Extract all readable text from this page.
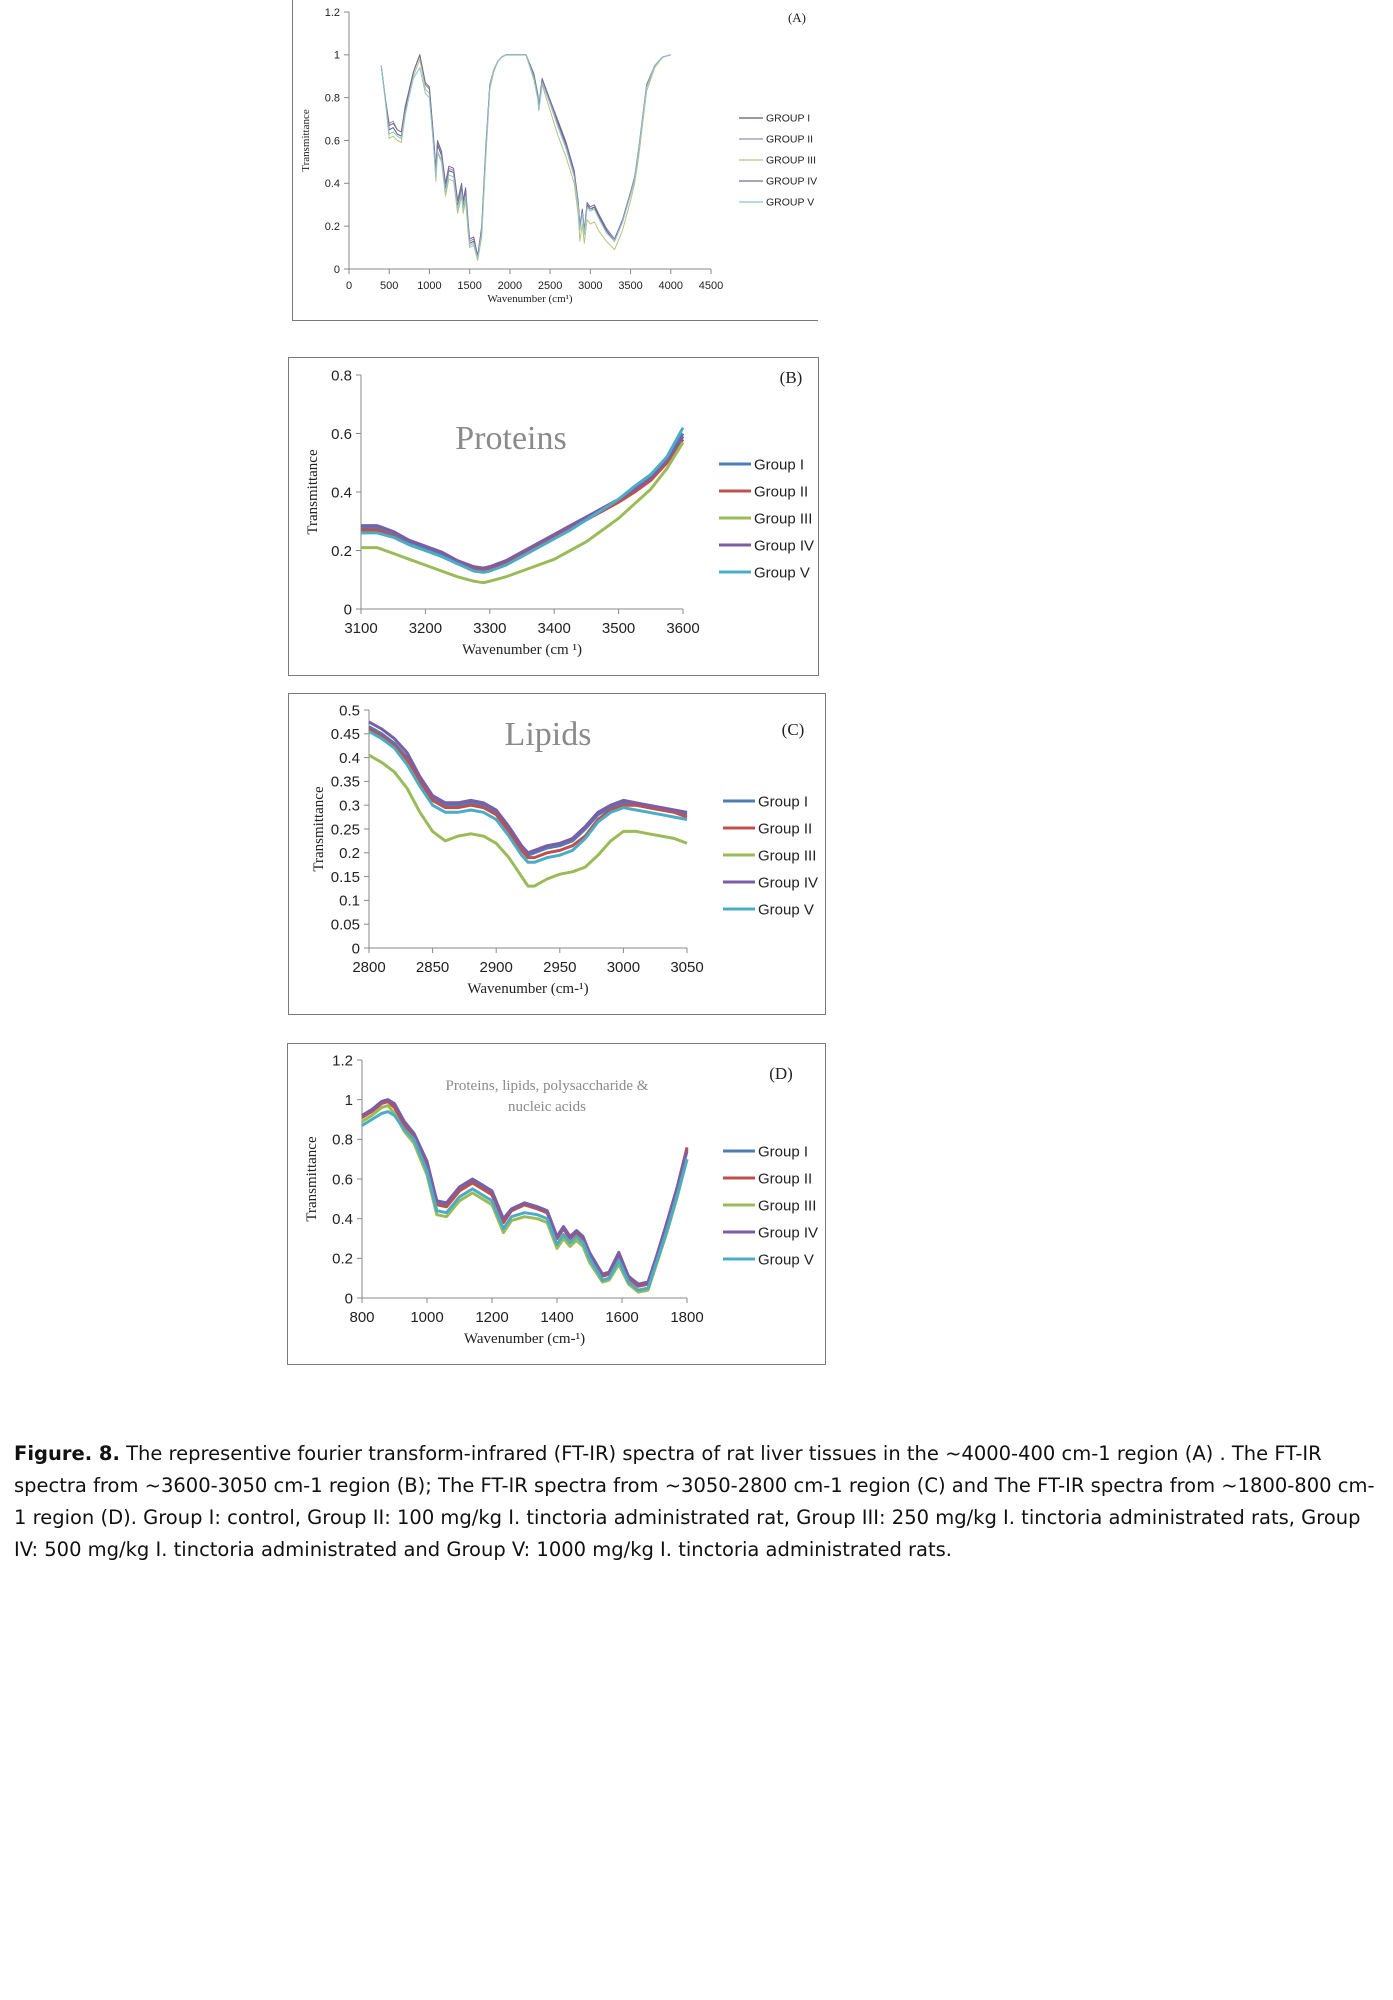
0
0.2
0.4
0.6
0.8
1
1.2
0	500 1000 1500 2000 2500 3000 3500 4000 4500
Wavenumber (cm¹)
Transmittance
(A)
GROUP I
GROUP II
GROUP III
GROUP IV
GROUP V
0
0.2
0.4
0.6
0.8
3100 3200 3300 3400 3500 3600
Wavenumber (cm ¹)
Transmittance
(B)
Proteins
Group I
Group II
Group III
Group IV
Group V
0
0.05
0.1
0.15
0.2
0.25
0.3
0.35
0.4
0.45
0.5
2800 2850 2900 2950 3000 3050
Wavenumber (cm-¹)
Transmittance
(C)
Lipids
Group I
Group II
Group III
Group IV
Group V
0
0.2
0.4
0.6
0.8
1
1.2
800 1000 1200 1400 1600 1800
Wavenumber (cm-¹)
Transmittance
(D)
Proteins, lipids, polysaccharide &
nucleic acids
Group I
Group II
Group III
Group IV
Group V
Figure. 8. The representive fourier transform-infrared (FT-IR) spectra of rat liver tissues in the ~4000-400 cm-1 region (A) . The FT-IR spectra from ~3600-3050 cm-1 region (B); The FT-IR spectra from ~3050-2800 cm-1 region (C) and The FT-IR spectra from ~1800-800 cm-1 region (D). Group I: control, Group II: 100 mg/kg I. tinctoria administrated rat, Group III: 250 mg/kg I. tinctoria administrated rats, Group IV: 500 mg/kg I. tinctoria administrated and Group V: 1000 mg/kg I. tinctoria administrated rats.
